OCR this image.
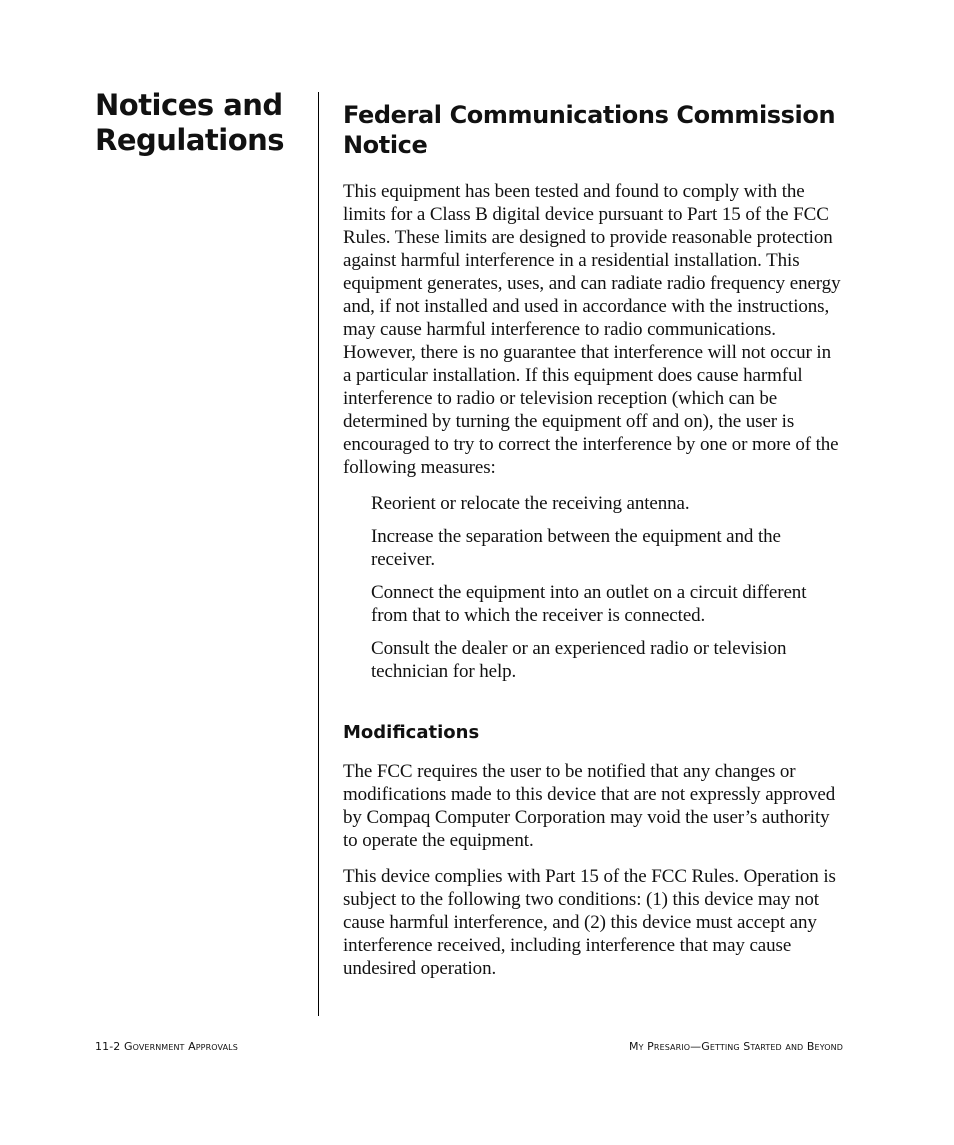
Notices and Regulations
Federal Communications Commission Notice

This equipment has been tested and found to comply with the limits for a Class B digital device pursuant to Part 15 of the FCC Rules. These limits are designed to provide reasonable protection against harmful interference in a residential installation. This equipment generates, uses, and can radiate radio frequency energy and, if not installed and used in accordance with the instructions, may cause harmful interference to radio communications. However, there is no guarantee that interference will not occur in a particular installation. If this equipment does cause harmful interference to radio or television reception (which can be determined by turning the equipment off and on), the user is encouraged to try to correct the interference by one or more of the following measures:

Reorient or relocate the receiving antenna.
Increase the separation between the equipment and the receiver.
Connect the equipment into an outlet on a circuit different from that to which the receiver is connected.
Consult the dealer or an experienced radio or television technician for help.
Modifications

The FCC requires the user to be notified that any changes or modifications made to this device that are not expressly approved by Compaq Computer Corporation may void the user’s authority to operate the equipment.

This device complies with Part 15 of the FCC Rules. Operation is subject to the following two conditions: (1) this device may not cause harmful interference, and (2) this device must accept any interference received, including interference that may cause undesired operation.

11-2 Government Approvals	My Presario—Getting Started and Beyond
